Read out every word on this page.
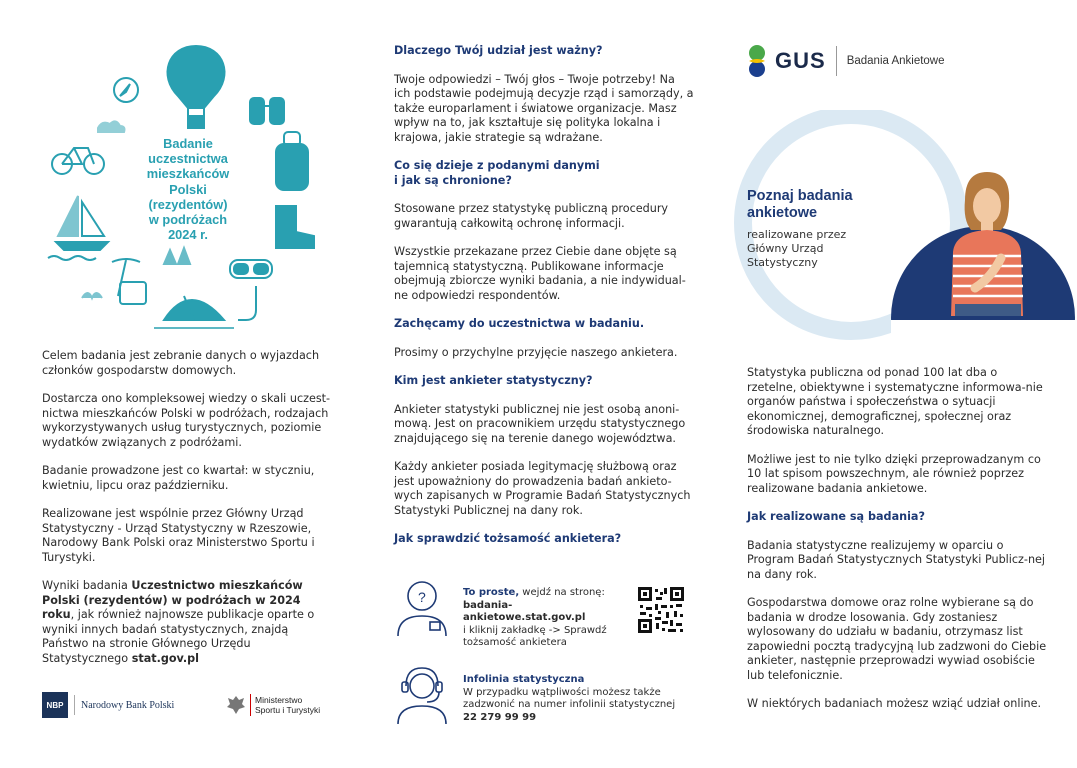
Badanie
uczestnictwa
mieszkańców
Polski
(rezydentów)
w podróżach
2024 r.

Celem badania jest zebranie danych o wyjazdach członków gospodarstw domowych.

Dostarcza ono kompleksowej wiedzy o skali uczest-nictwa mieszkańców Polski w podróżach, rodzajach wykorzystywanych usług turystycznych, poziomie wydatków związanych z podróżami.

Badanie prowadzone jest co kwartał: w styczniu, kwietniu, lipcu oraz październiku.

Realizowane jest wspólnie przez Główny Urząd Statystyczny - Urząd Statystyczny w Rzeszowie, Narodowy Bank Polski oraz Ministerstwo Sportu i Turystyki.

Wyniki badania Uczestnictwo mieszkańców Polski (rezydentów) w podróżach w 2024 roku, jak również najnowsze publikacje oparte o wyniki innych badań statystycznych, znajdą Państwo na stronie Głównego Urzędu Statystycznego stat.gov.pl

NBP	Narodowy Bank Polski	Ministerstwo
Sportu i Turystyki
Dlaczego Twój udział jest ważny?

Twoje odpowiedzi – Twój głos – Twoje potrzeby! Na ich podstawie podejmują decyzje rząd i samorządy, a także europarlament i światowe organizacje. Masz wpływ na to, jak kształtuje się polityka lokalna i krajowa, jakie strategie są wdrażane.

Co się dzieje z podanymi danymi
i jak są chronione?

Stosowane przez statystykę publiczną procedury gwarantują całkowitą ochronę informacji.

Wszystkie przekazane przez Ciebie dane objęte są tajemnicą statystyczną. Publikowane informacje obejmują zbiorcze wyniki badania, a nie indywidual-ne odpowiedzi respondentów.

Zachęcamy do uczestnictwa w badaniu.

Prosimy o przychylne przyjęcie naszego ankietera.

Kim jest ankieter statystyczny?

Ankieter statystyki publicznej nie jest osobą anoni-mową. Jest on pracownikiem urzędu statystycznego znajdującego się na terenie danego województwa.

Każdy ankieter posiada legitymację służbową oraz jest upoważniony do prowadzenia badań ankieto-wych zapisanych w Programie Badań Statystycznych Statystyki Publicznej na dany rok.

Jak sprawdzić tożsamość ankietera?
?	To proste, wejdź na stronę:
badania-ankietowe.stat.gov.pl
i kliknij zakładkę -> Sprawdź tożsamość ankietera
Infolinia statystyczna
W przypadku wątpliwości możesz także zadzwonić na numer infolinii statystycznej
22 279 99 99
GUS Badania Ankietowe
Poznaj badania
ankietowe
realizowane przez
Główny Urząd
Statystyczny

Statystyka publiczna od ponad 100 lat dba o rzetelne, obiektywne i systematyczne informowa-nie organów państwa i społeczeństwa o sytuacji ekonomicznej, demograficznej, społecznej oraz środowiska naturalnego.

Możliwe jest to nie tylko dzięki przeprowadzanym co 10 lat spisom powszechnym, ale również poprzez realizowane badania ankietowe.

Jak realizowane są badania?

Badania statystyczne realizujemy w oparciu o Program Badań Statystycznych Statystyki Publicz-nej na dany rok.

Gospodarstwa domowe oraz rolne wybierane są do badania w drodze losowania. Gdy zostaniesz wylosowany do udziału w badaniu, otrzymasz list zapowiedni pocztą tradycyjną lub zadzwoni do Ciebie ankieter, następnie przeprowadzi wywiad osobiście lub telefonicznie.

W niektórych badaniach możesz wziąć udział online.
